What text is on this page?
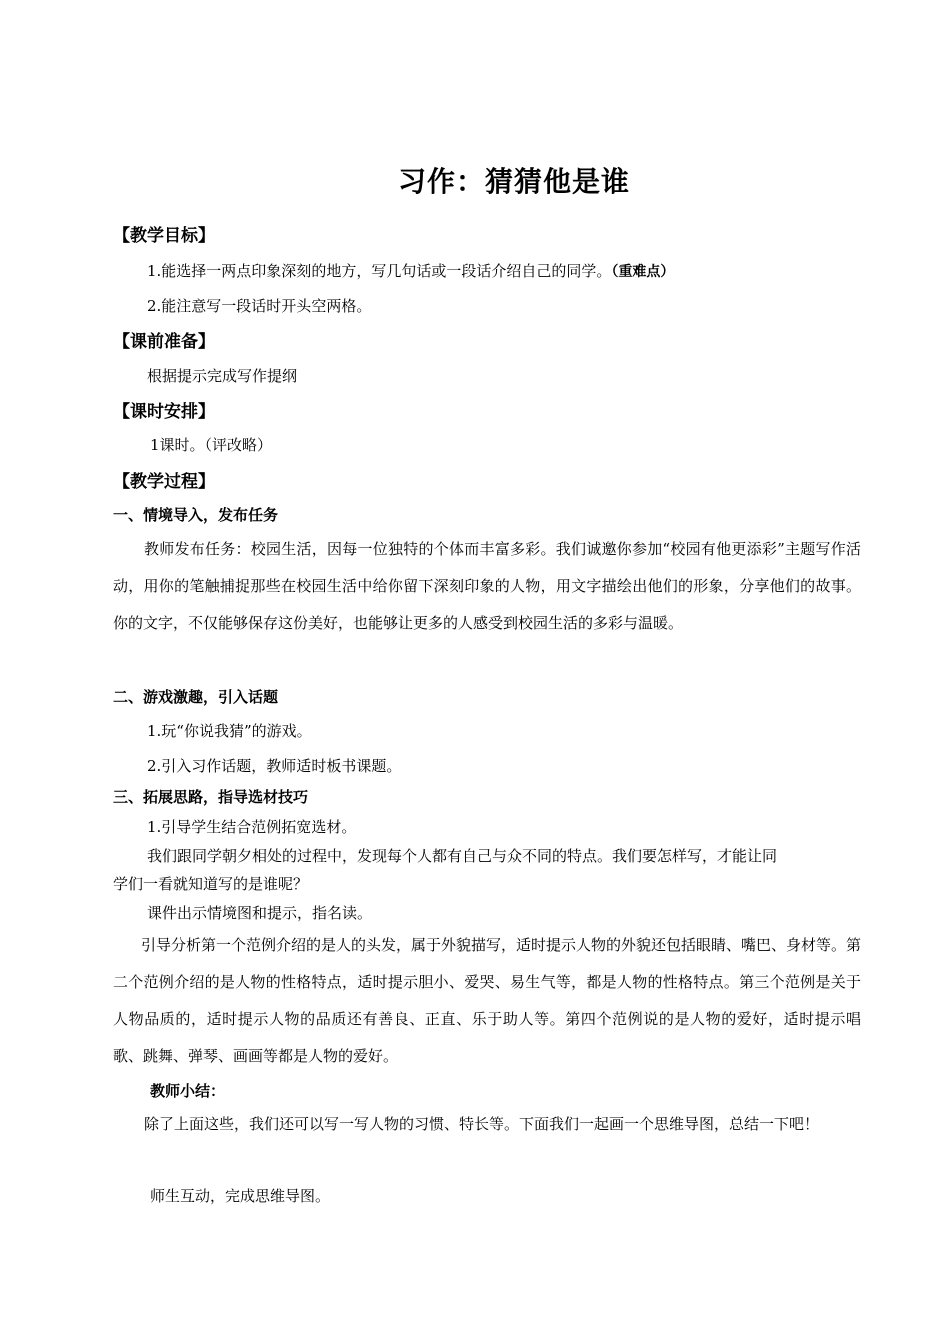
习作：猜猜他是谁
【教学目标】
1.能选择一两点印象深刻的地方，写几句话或一段话介绍自己的同学。（重难点）
2.能注意写一段话时开头空两格。
【课前准备】
根据提示完成写作提纲
【课时安排】
1课时。（评改略）
【教学过程】
一、情境导入，发布任务

教师发布任务：校园生活，因每一位独特的个体而丰富多彩。我们诚邀你参加“校园有他更添彩”主题写作活动，用你的笔触捕捉那些在校园生活中给你留下深刻印象的人物，用文字描绘出他们的形象，分享他们的故事。你的文字，不仅能够保存这份美好，也能够让更多的人感受到校园生活的多彩与温暖。

二、游戏激趣，引入话题
1.玩“你说我猜”的游戏。
2.引入习作话题，教师适时板书课题。
三、拓展思路，指导选材技巧
1.引导学生结合范例拓宽选材。
我们跟同学朝夕相处的过程中，发现每个人都有自己与众不同的特点。我们要怎样写，才能让同
学们一看就知道写的是谁呢？
课件出示情境图和提示，指名读。

引导分析第一个范例介绍的是人的头发，属于外貌描写，适时提示人物的外貌还包括眼睛、嘴巴、身材等。第二个范例介绍的是人物的性格特点，适时提示胆小、爱哭、易生气等，都是人物的性格特点。第三个范例是关于人物品质的，适时提示人物的品质还有善良、正直、乐于助人等。第四个范例说的是人物的爱好，适时提示唱歌、跳舞、弹琴、画画等都是人物的爱好。

教师小结：

除了上面这些，我们还可以写一写人物的习惯、特长等。下面我们一起画一个思维导图，总结一下吧！

师生互动，完成思维导图。
